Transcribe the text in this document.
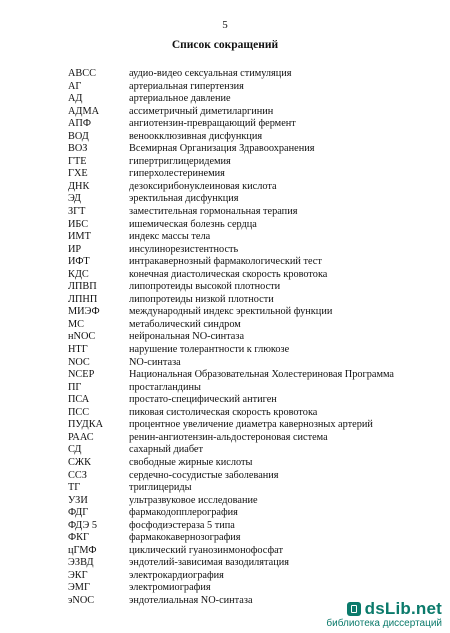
5
Список сокращений
АВСС	аудио-видео сексуальная стимуляция
АГ	артериальная гипертензия
АД	артериальное давление
АДМА	ассиметричный диметиларгинин
АПФ	ангиотензин-превращающий фермент
ВОД	веноокклюзивная дисфункция
ВОЗ	Всемирная Организация Здравоохранения
ГТЕ	гипертриглицеридемия
ГХЕ	гиперхолестеринемия
ДНК	дезоксирибонуклеиновая кислота
ЭД	эректильная дисфункция
ЗГТ	заместительная гормональная терапия
ИБС	ишемическая болезнь сердца
ИМТ	индекс массы тела
ИР	инсулинорезистентность
ИФТ	интракавернозный фармакологический тест
КДС	конечная диастолическая скорость кровотока
ЛПВП	липопротеиды высокой плотности
ЛПНП	липопротеиды низкой плотности
МИЭФ	международный индекс эректильной функции
МС	метаболический синдром
нNOC	нейрональная NO-синтаза
НТГ	нарушение толерантности к глюкозе
NOC	NO-синтаза
NCEP	Национальная Образовательная Холестериновая Программа
ПГ	простагландины
ПСА	простато-специфический антиген
ПСС	пиковая систолическая скорость кровотока
ПУДКА	процентное увеличение диаметра кавернозных артерий
РААС	ренин-ангиотензин-альдостероновая система
СД	сахарный диабет
СЖК	свободные жирные кислоты
ССЗ	сердечно-сосудистые заболевания
ТГ	триглицериды
УЗИ	ультразвуковое исследование
ФДГ	фармакодопплерография
ФДЭ 5	фосфодиэстераза 5 типа
ФКГ	фармакокавернозография
цГМФ	циклический гуанозинмонофосфат
ЭЗВД	эндотелий-зависимая вазодилятация
ЭКГ	электрокардиография
ЭМГ	электромиография
эNOC	эндотелиальная NO-синтаза	dsLib.net
библиотека диссертаций
